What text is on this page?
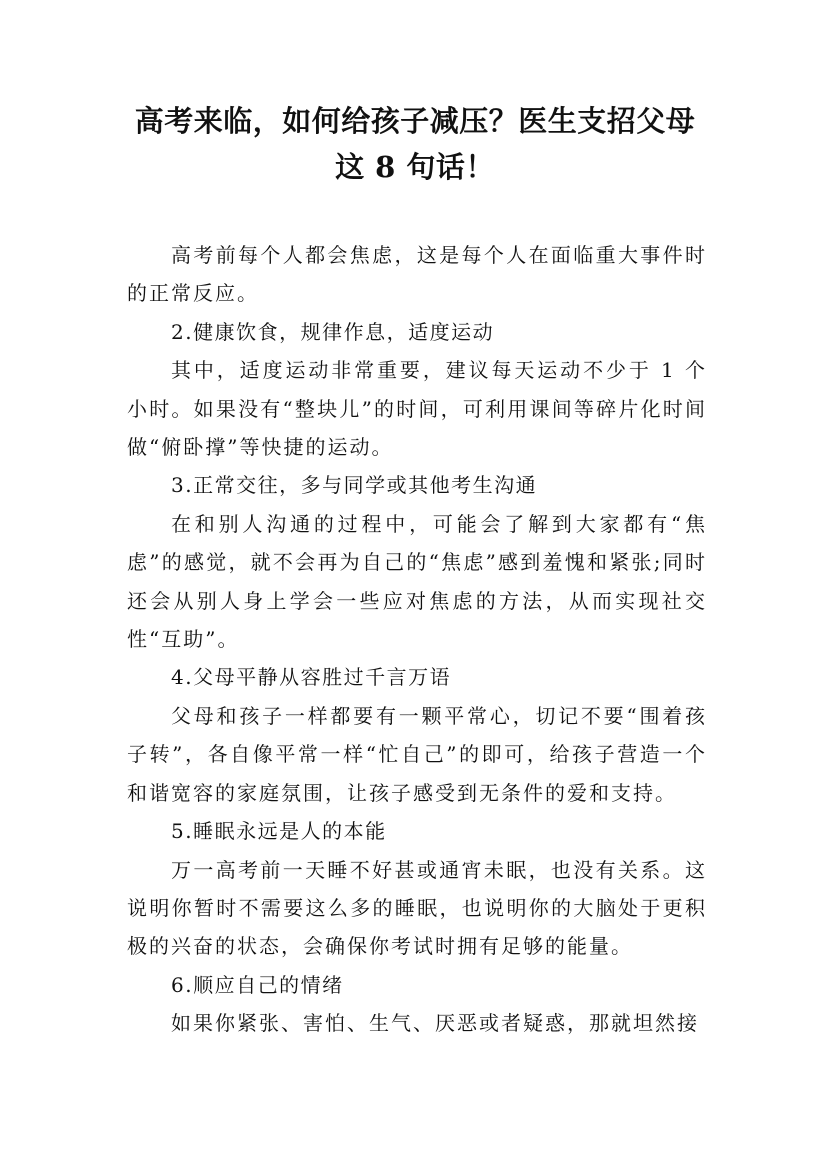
高考来临，如何给孩子减压？医生支招父母
这 8 句话！

高考前每个人都会焦虑，这是每个人在面临重大事件时的正常反应。

2.健康饮食，规律作息，适度运动

其中，适度运动非常重要，建议每天运动不少于 1 个小时。如果没有“整块儿”的时间，可利用课间等碎片化时间做“俯卧撑”等快捷的运动。

3.正常交往，多与同学或其他考生沟通

在和别人沟通的过程中，可能会了解到大家都有“焦虑”的感觉，就不会再为自己的“焦虑”感到羞愧和紧张;同时还会从别人身上学会一些应对焦虑的方法，从而实现社交性“互助”。

4.父母平静从容胜过千言万语

父母和孩子一样都要有一颗平常心，切记不要“围着孩子转”，各自像平常一样“忙自己”的即可，给孩子营造一个和谐宽容的家庭氛围，让孩子感受到无条件的爱和支持。

5.睡眠永远是人的本能

万一高考前一天睡不好甚或通宵未眠，也没有关系。这说明你暂时不需要这么多的睡眠，也说明你的大脑处于更积极的兴奋的状态，会确保你考试时拥有足够的能量。

6.顺应自己的情绪

如果你紧张、害怕、生气、厌恶或者疑惑，那就坦然接
